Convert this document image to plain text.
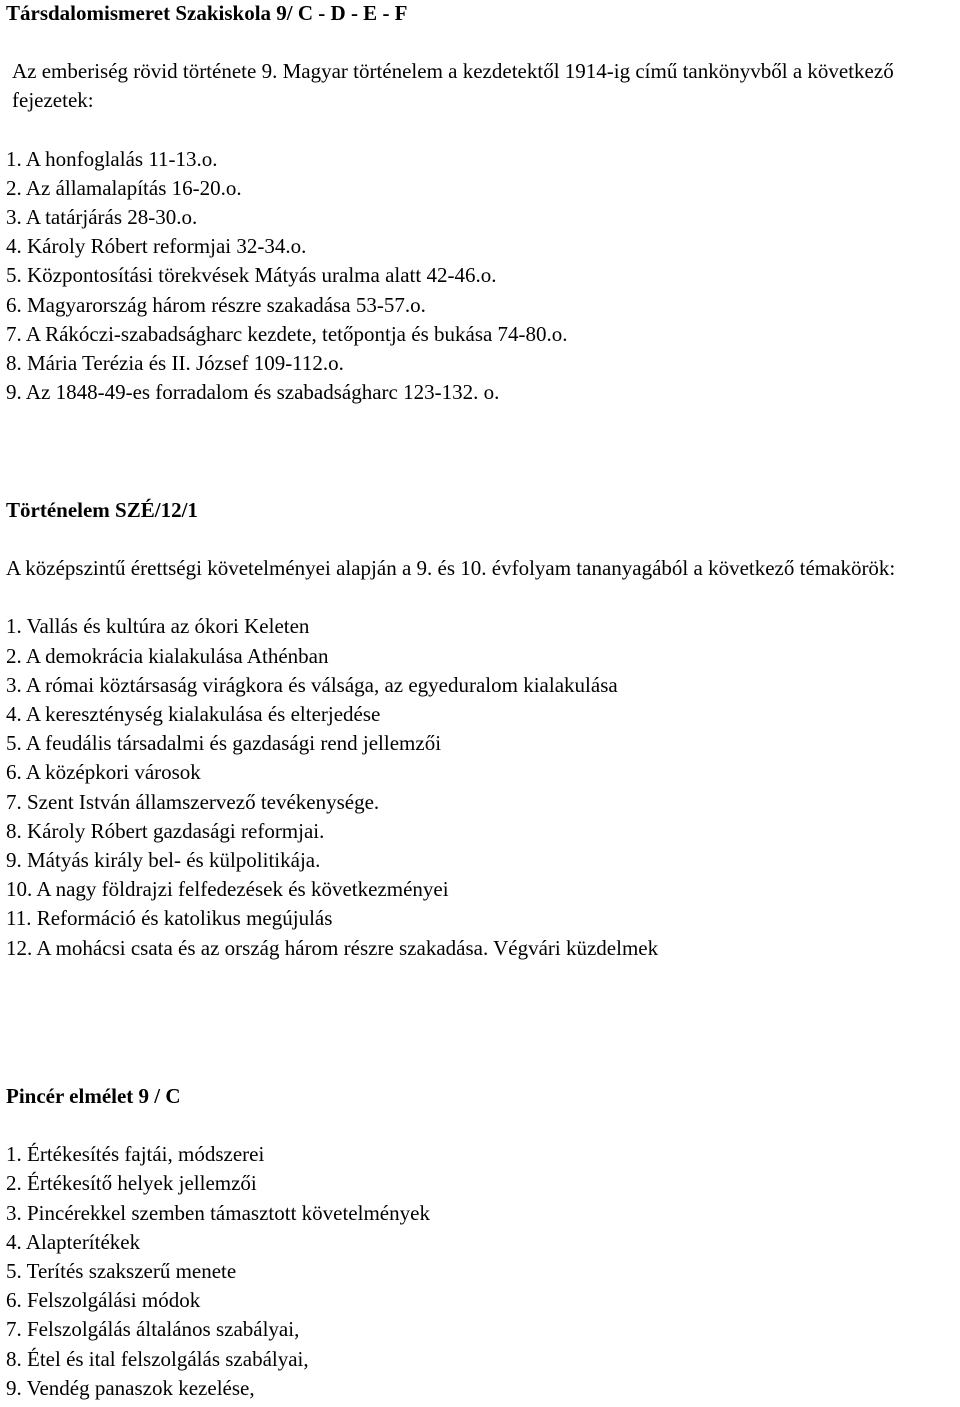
Társdalomismeret Szakiskola 9/ C - D - E - F

Az emberiség rövid története 9. Magyar történelem a kezdetektől 1914-ig című tankönyvből a következő fejezetek:

1. A honfoglalás 11-13.o.
2. Az államalapítás 16-20.o.
3. A tatárjárás 28-30.o.
4. Károly Róbert reformjai 32-34.o.
5. Központosítási törekvések Mátyás uralma alatt 42-46.o.
6. Magyarország három részre szakadása 53-57.o.
7. A Rákóczi-szabadságharc kezdete, tetőpontja és bukása 74-80.o.
8. Mária Terézia és II. József 109-112.o.
9. Az 1848-49-es forradalom és szabadságharc 123-132. o.

Történelem SZÉ/12/1

A középszintű érettségi követelményei alapján a 9. és 10. évfolyam tananyagából a következő témakörök:

1. Vallás és kultúra az ókori Keleten
2. A demokrácia kialakulása Athénban
3. A római köztársaság virágkora és válsága, az egyeduralom kialakulása
4. A kereszténység kialakulása és elterjedése
5. A feudális társadalmi és gazdasági rend jellemzői
6. A középkori városok
7. Szent István államszervező tevékenysége.
8. Károly Róbert gazdasági reformjai.
9. Mátyás király bel- és külpolitikája.
10. A nagy földrajzi felfedezések és következményei
11. Reformáció és katolikus megújulás
12. A mohácsi csata és az ország három részre szakadása. Végvári küzdelmek

Pincér elmélet 9 / C

1. Értékesítés fajtái, módszerei
2. Értékesítő helyek jellemzői
3. Pincérekkel szemben támasztott követelmények
4. Alapterítékek
5. Terítés szakszerű menete
6. Felszolgálási módok
7. Felszolgálás általános szabályai,
8. Étel és ital felszolgálás szabályai,
9. Vendég panaszok kezelése,
